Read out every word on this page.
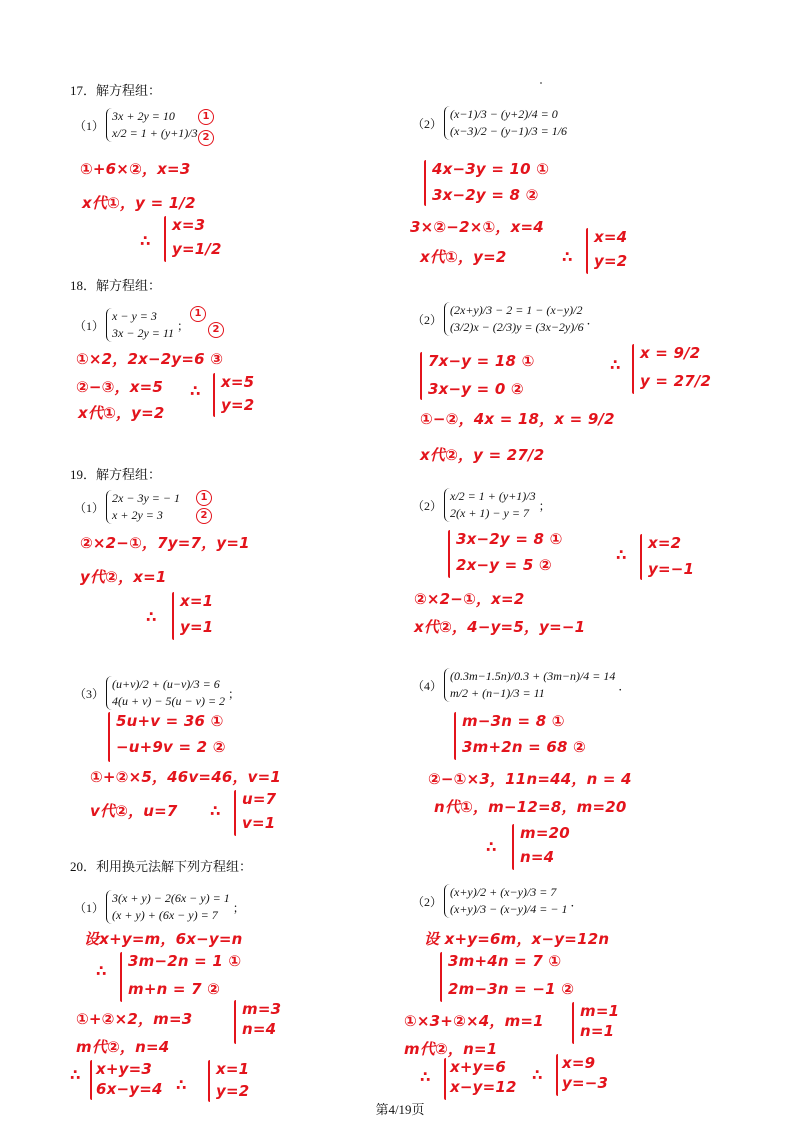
17．解方程组：
（1）
3x + 2y = 10
x/2 = 1 + (y+1)/3
1
2
①+6×②，x=3
x代①，y = 1/2
∴
x=3
y=1/2
（2）
(x−1)/3 − (y+2)/4 = 0
(x−3)/2 − (y−1)/3 = 1/6
4x−3y = 10 ①
3x−2y = 8 ②
3×②−2×①，x=4
x代①，y=2	∴
x=4
y=2
18．解方程组：
（1）
x − y = 3
3x − 2y = 11
；
1
2
①×2，2x−2y=6 ③
②−③，x=5
x代①，y=2
∴ x=5
y=2
（2）
(2x+y)/3 − 2 = 1 − (x−y)/2
(3/2)x − (2/3)y = (3x−2y)/6
．
7x−y = 18 ①
3x−y = 0 ②
①−②，4x = 18，x = 9/2
x代②，y = 27/2
∴
x = 9/2
y = 27/2
19．解方程组：
（1）
2x − 3y = − 1
x + 2y = 3
1
2
②×2−①，7y=7，y=1
y代②，x=1
∴
x=1
y=1
（2）
x/2 = 1 + (y+1)/3
2(x + 1) − y = 7
；
3x−2y = 8 ①
2x−y = 5 ②
②×2−①，x=2
x代②，4−y=5，y=−1
∴
x=2
y=−1
（3）
(u+v)/2 + (u−v)/3 = 6
4(u + v) − 5(u − v) = 2
；
5u+v = 36 ①
−u+9v = 2 ②
①+②×5，46v=46，v=1
v代②，u=7 ∴
u=7
v=1
（4）
(0.3m−1.5n)/0.3 + (3m−n)/4 = 14
m/2 + (n−1)/3 = 11
．
m−3n = 8 ①
3m+2n = 68 ②
②−①×3，11n=44，n = 4
n代①，m−12=8，m=20
∴
m=20
n=4
20．利用换元法解下列方程组：
（1）
3(x + y) − 2(6x − y) = 1
(x + y) + (6x − y) = 7
；
设x+y=m，6x−y=n
∴
3m−2n = 1 ①
m+n = 7 ②
①+②×2，m=3
m代②，n=4
m=3
n=4
∴ x+y=3
6x−y=4 ∴
x=1
y=2
（2）
(x+y)/2 + (x−y)/3 = 7
(x+y)/3 − (x−y)/4 = − 1
．
设 x+y=6m，x−y=12n
3m+4n = 7 ①
2m−3n = −1 ②
①×3+②×4，m=1
m代②，n=1
m=1
n=1
∴
x+y=6
x−y=12
∴
x=9
y=−3
第4/19页
